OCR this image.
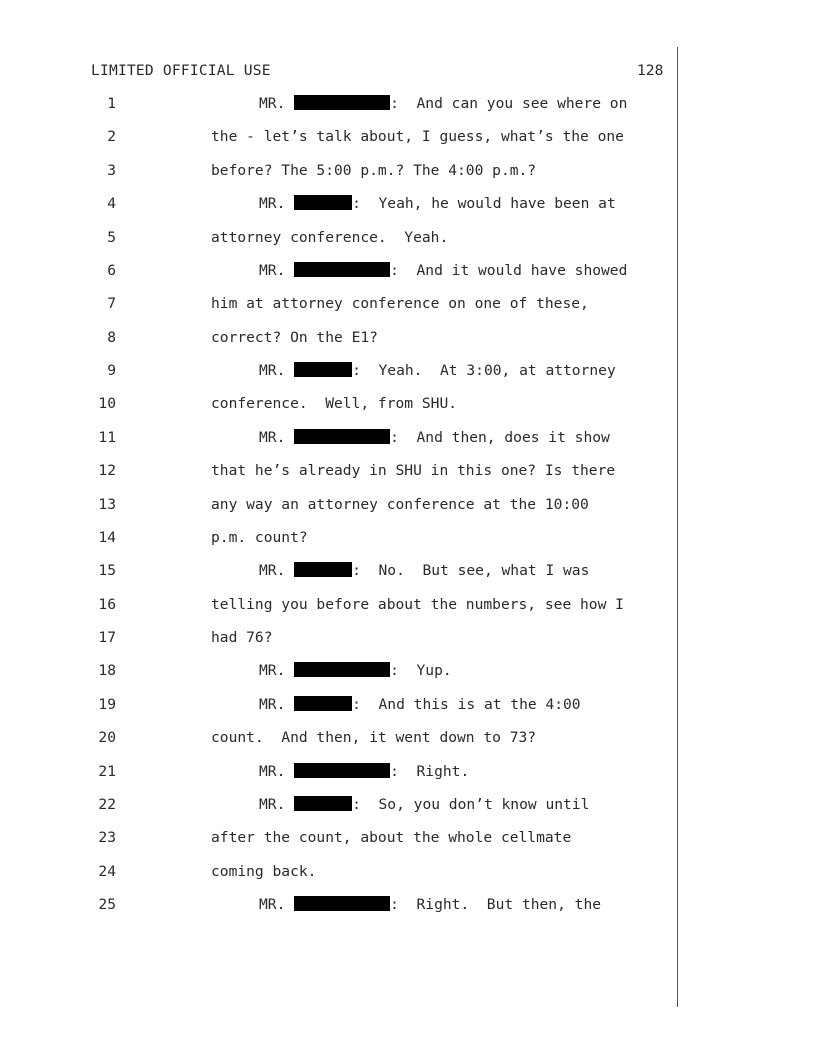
LIMITED OFFICIAL USE	128
1	MR.	:  And can you see where on
2	the - let’s talk about, I guess, what’s the one
3	before? The 5:00 p.m.? The 4:00 p.m.?
4	MR.	:  Yeah, he would have been at
5	attorney conference.  Yeah.
6	MR.	:  And it would have showed
7	him at attorney conference on one of these,
8	correct? On the E1?
9	MR.	:  Yeah.  At 3:00, at attorney
10	conference.  Well, from SHU.
11	MR.	:  And then, does it show
12	that he’s already in SHU in this one? Is there
13	any way an attorney conference at the 10:00
14	p.m. count?
15	MR.	:  No.  But see, what I was
16	telling you before about the numbers, see how I
17	had 76?
18	MR.	:  Yup.
19	MR.	:  And this is at the 4:00
20	count.  And then, it went down to 73?
21	MR.	:  Right.
22	MR.	:  So, you don’t know until
23	after the count, about the whole cellmate
24	coming back.
25	MR.	:  Right.  But then, the
